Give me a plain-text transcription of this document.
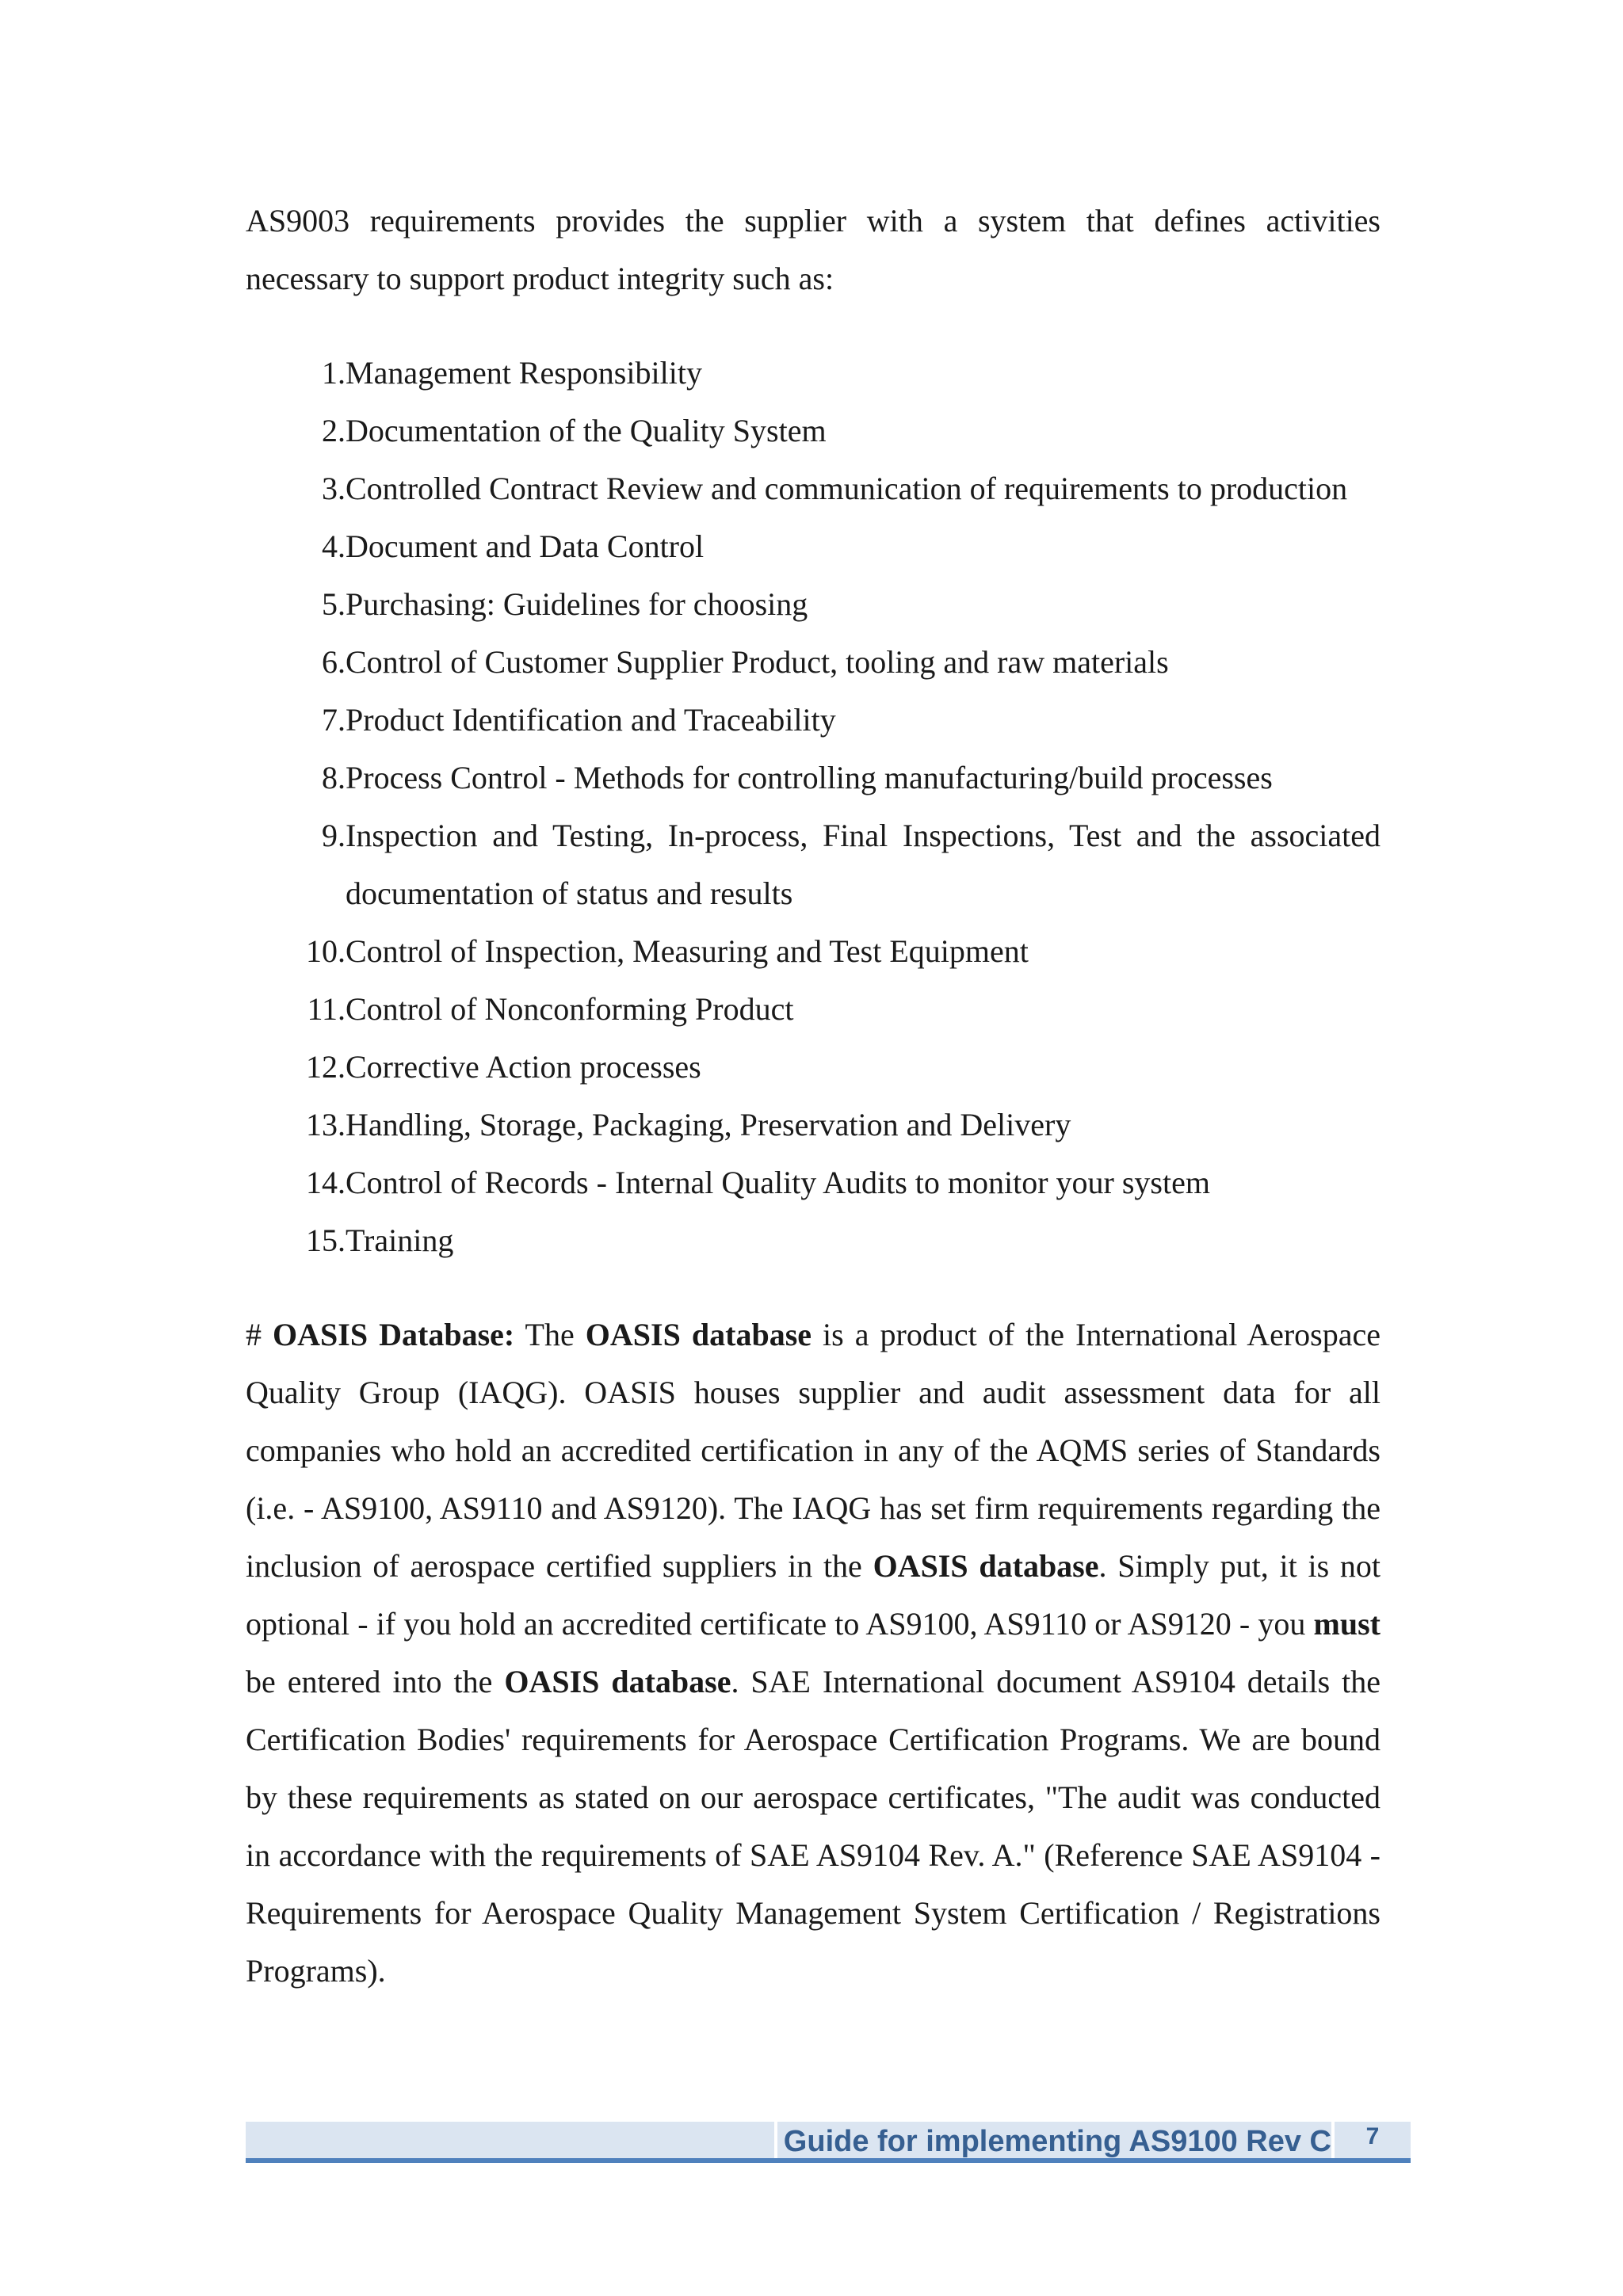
AS9003 requirements provides the supplier with a system that defines activities necessary to support product integrity such as:

1. Management Responsibility
2. Documentation of the Quality System
3. Controlled Contract Review and communication of requirements to production
4. Document and Data Control
5. Purchasing: Guidelines for choosing
6. Control of Customer Supplier Product, tooling and raw materials
7. Product Identification and Traceability
8. Process Control - Methods for controlling manufacturing/build processes
9. Inspection and Testing, In-process, Final Inspections, Test and the associated documentation of status and results
10. Control of Inspection, Measuring and Test Equipment
11. Control of Nonconforming Product
12. Corrective Action processes
13. Handling, Storage, Packaging, Preservation and Delivery
14. Control of Records - Internal Quality Audits to monitor your system
15. Training

# OASIS Database: The OASIS database is a product of the International Aerospace Quality Group (IAQG). OASIS houses supplier and audit assessment data for all companies who hold an accredited certification in any of the AQMS series of Standards (i.e. - AS9100, AS9110 and AS9120). The IAQG has set firm requirements regarding the inclusion of aerospace certified suppliers in the OASIS database. Simply put, it is not optional - if you hold an accredited certificate to AS9100, AS9110 or AS9120 - you must be entered into the OASIS database. SAE International document AS9104 details the Certification Bodies' requirements for Aerospace Certification Programs. We are bound by these requirements as stated on our aerospace certificates, "The audit was conducted in accordance with the requirements of SAE AS9104 Rev. A." (Reference SAE AS9104 - Requirements for Aerospace Quality Management System Certification / Registrations Programs).

Guide for implementing AS9100 Rev C	7
